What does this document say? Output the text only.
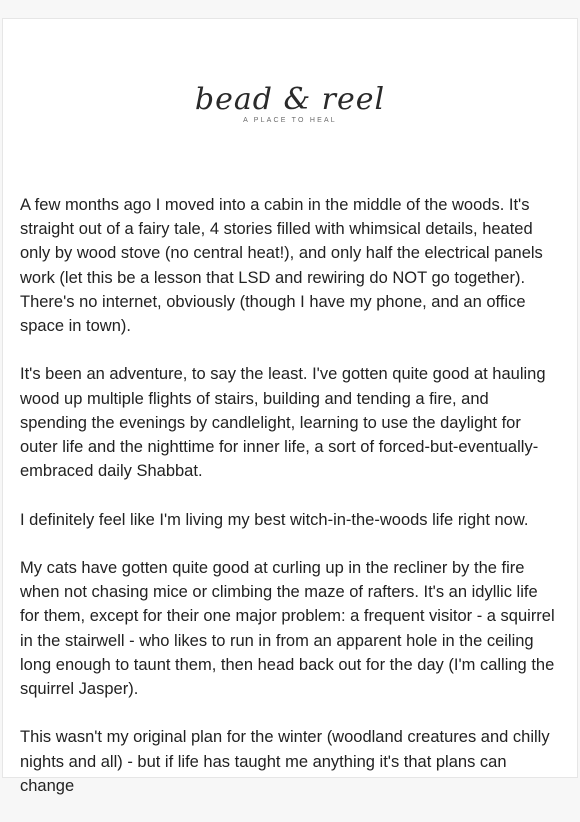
bead & reel
A PLACE TO HEAL

A few months ago I moved into a cabin in the middle of the woods. It's straight out of a fairy tale, 4 stories filled with whimsical details, heated only by wood stove (no central heat!), and only half the electrical panels work (let this be a lesson that LSD and rewiring do NOT go together). There's no internet, obviously (though I have my phone, and an office space in town).

It's been an adventure, to say the least. I've gotten quite good at hauling wood up multiple flights of stairs, building and tending a fire, and spending the evenings by candlelight, learning to use the daylight for outer life and the nighttime for inner life, a sort of forced-but-eventually-embraced daily Shabbat.

I definitely feel like I'm living my best witch-in-the-woods life right now.

My cats have gotten quite good at curling up in the recliner by the fire when not chasing mice or climbing the maze of rafters. It's an idyllic life for them, except for their one major problem: a frequent visitor - a squirrel in the stairwell - who likes to run in from an apparent hole in the ceiling long enough to taunt them, then head back out for the day (I'm calling the squirrel Jasper).

This wasn't my original plan for the winter (woodland creatures and chilly nights and all) - but if life has taught me anything it's that plans can change
